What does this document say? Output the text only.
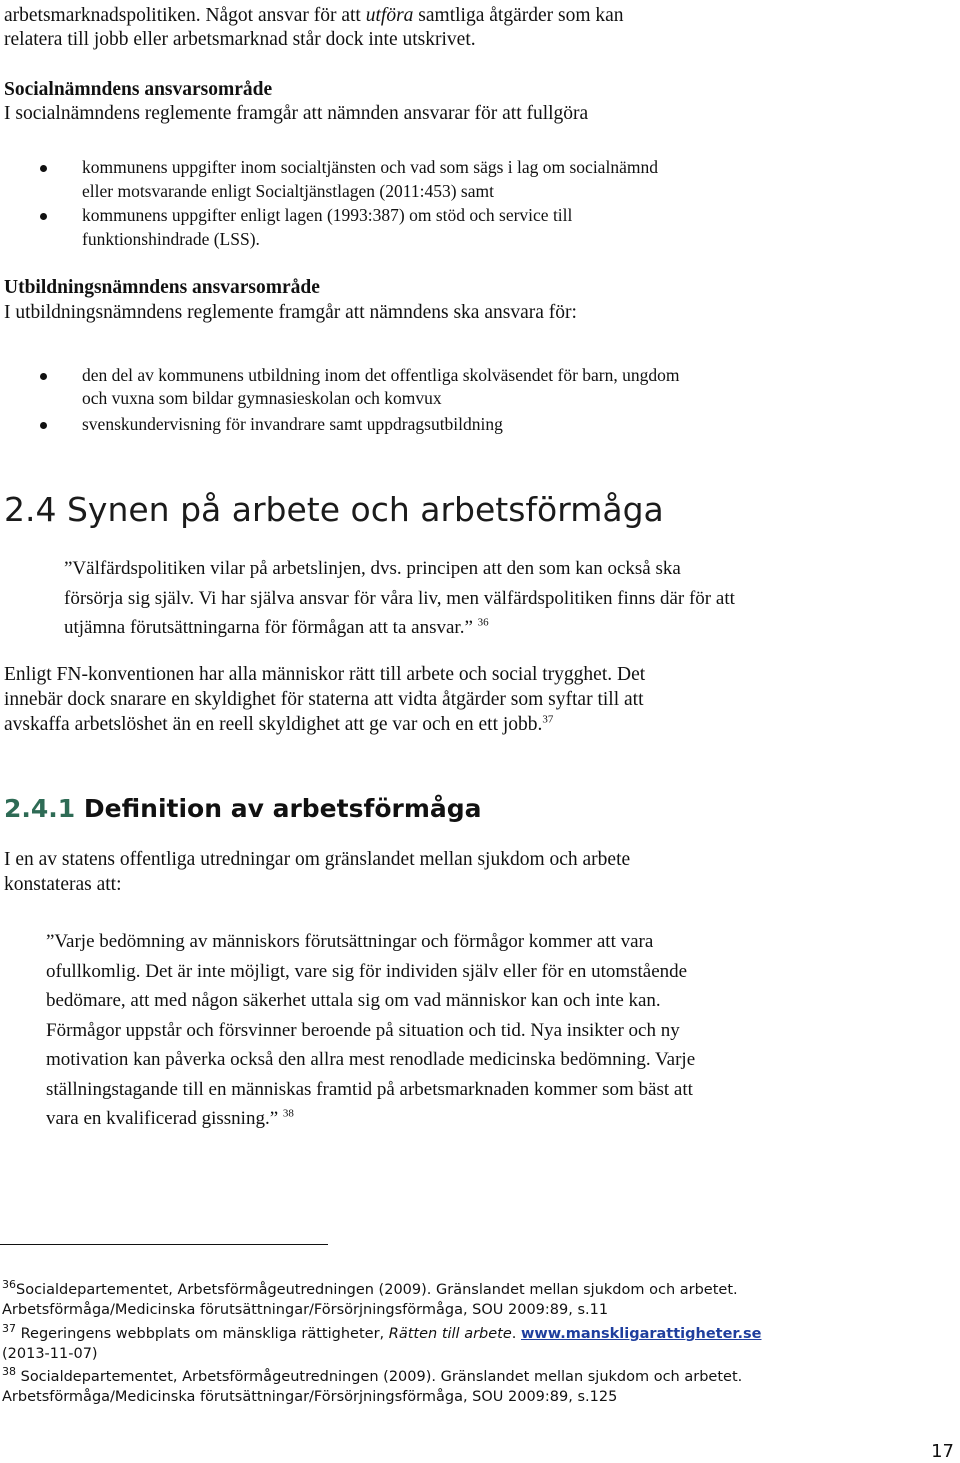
arbetsmarknadspolitiken. Något ansvar för att utföra samtliga åtgärder som kan
relatera till jobb eller arbetsmarknad står dock inte utskrivet.
Socialnämndens ansvarsområde
I socialnämndens reglemente framgår att nämnden ansvarar för att fullgöra
kommunens uppgifter inom socialtjänsten och vad som sägs i lag om socialnämnd
eller motsvarande enligt Socialtjänstlagen (2011:453) samt
kommunens uppgifter enligt lagen (1993:387) om stöd och service till
funktionshindrade (LSS).
Utbildningsnämndens ansvarsområde
I utbildningsnämndens reglemente framgår att nämndens ska ansvara för:
den del av kommunens utbildning inom det offentliga skolväsendet för barn, ungdom
och vuxna som bildar gymnasieskolan och komvux
svenskundervisning för invandrare samt uppdragsutbildning
2.4 Synen på arbete och arbetsförmåga
”Välfärdspolitiken vilar på arbetslinjen, dvs. principen att den som kan också ska
försörja sig själv. Vi har själva ansvar för våra liv, men välfärdspolitiken finns där för att
utjämna förutsättningarna för förmågan att ta ansvar.” $^{36}$
Enligt FN-konventionen har alla människor rätt till arbete och social trygghet. Det
innebär dock snarare en skyldighet för staterna att vidta åtgärder som syftar till att
avskaffa arbetslöshet än en reell skyldighet att ge var och en ett jobb.$^{37}$
2.4.1 Definition av arbetsförmåga
I en av statens offentliga utredningar om gränslandet mellan sjukdom och arbete
konstateras att:
”Varje bedömning av människors förutsättningar och förmågor kommer att vara
ofullkomlig. Det är inte möjligt, vare sig för individen själv eller för en utomstående
bedömare, att med någon säkerhet uttala sig om vad människor kan och inte kan.
Förmågor uppstår och försvinner beroende på situation och tid. Nya insikter och ny
motivation kan påverka också den allra mest renodlade medicinska bedömning. Varje
ställningstagande till en människas framtid på arbetsmarknaden kommer som bäst att
vara en kvalificerad gissning.” $^{38}$
$^{36}$Socialdepartementet, Arbetsförmågeutredningen (2009). Gränslandet mellan sjukdom och arbetet.
Arbetsförmåga/Medicinska förutsättningar/Försörjningsförmåga, SOU 2009:89, s.11
$^{37}$ Regeringens webbplats om mänskliga rättigheter, Rätten till arbete. www.manskligarattigheter.se
(2013-11-07)
$^{38}$ Socialdepartementet, Arbetsförmågeutredningen (2009). Gränslandet mellan sjukdom och arbetet.
Arbetsförmåga/Medicinska förutsättningar/Försörjningsförmåga, SOU 2009:89, s.125
17
